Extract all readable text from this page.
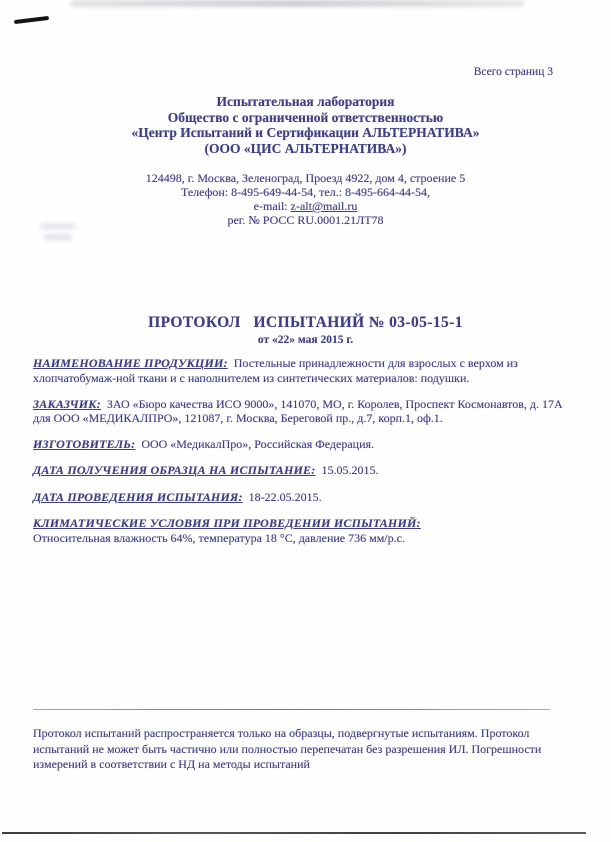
Всего страниц 3
Испытательная лаборатория
Общество с ограниченной ответственностью
«Центр Испытаний и Сертификации АЛЬТЕРНАТИВА»
(ООО «ЦИС АЛЬТЕРНАТИВА»)
124498, г. Москва, Зеленоград, Проезд 4922, дом 4, строение 5
Телефон: 8-495-649-44-54, тел.: 8-495-664-44-54,
e-mail: z-alt@mail.ru
рег. № РОСС RU.0001.21ЛТ78
ПРОТОКОЛ   ИСПЫТАНИЙ № 03-05-15-1
от «22» мая 2015 г.

НАИМЕНОВАНИЕ ПРОДУКЦИИ: Постельные принадлежности для взрослых с верхом из хлопчатобумаж-ной ткани и с наполнителем из синтетических материалов: подушки.

ЗАКАЗЧИК: ЗАО «Бюро качества ИСО 9000», 141070, МО, г. Королев, Проспект Космонавтов, д. 17А для ООО «МЕДИКАЛПРО», 121087, г. Москва, Береговой пр., д.7, корп.1, оф.1.

ИЗГОТОВИТЕЛЬ: ООО «МедикалПро», Российская Федерация.

ДАТА ПОЛУЧЕНИЯ ОБРАЗЦА НА ИСПЫТАНИЕ: 15.05.2015.

ДАТА ПРОВЕДЕНИЯ ИСПЫТАНИЯ: 18-22.05.2015.

КЛИМАТИЧЕСКИЕ УСЛОВИЯ ПРИ ПРОВЕДЕНИИ ИСПЫТАНИЙ:
Относительная влажность 64%, температура 18 °С, давление 736 мм/р.с.

Протокол испытаний распространяется только на образцы, подвергнутые испытаниям. Протокол испытаний не может быть частично или полностью перепечатан без разрешения ИЛ. Погрешности измерений в соответствии с НД на методы испытаний
